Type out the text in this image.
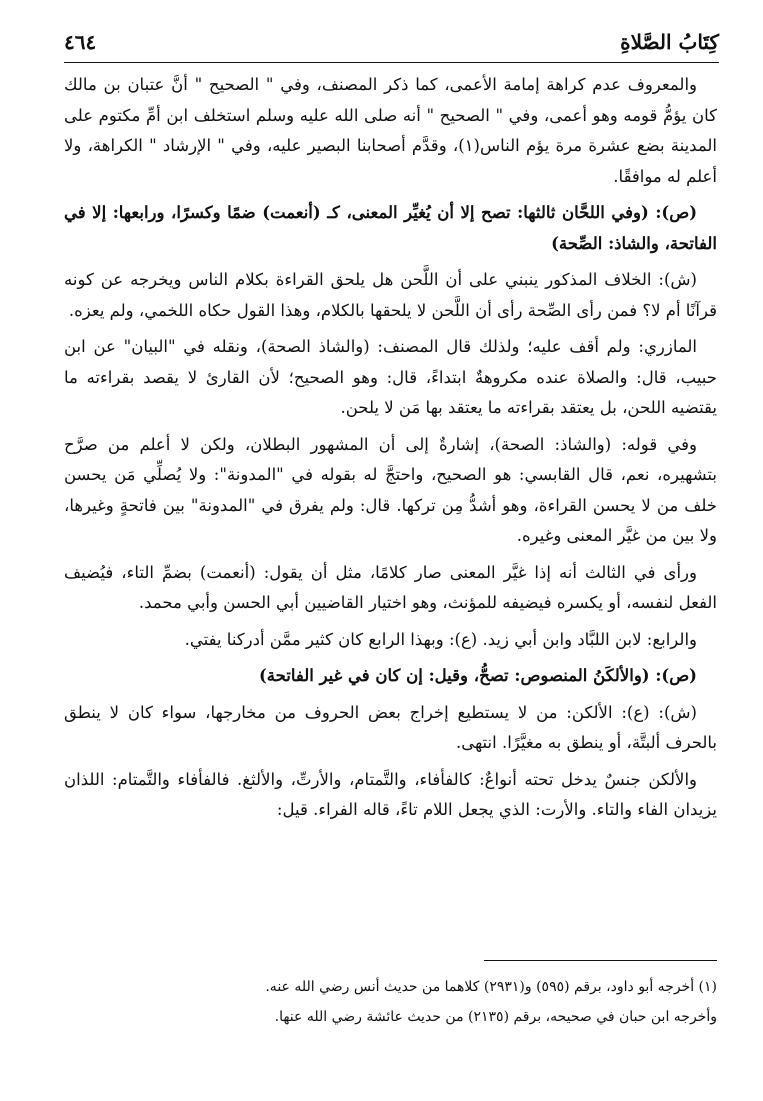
كِتَابُ الصَّلاةِ
٤٦٤

والمعروف عدم كراهة إمامة الأعمى، كما ذكر المصنف، وفي " الصحيح " أنَّ عتبان بن مالك كان يؤمُّ قومه وهو أعمى، وفي " الصحيح " أنه صلى الله عليه وسلم استخلف ابن أمِّ مكتوم على المدينة بضع عشرة مرة يؤم الناس(١)، وقدَّم أصحابنا البصير عليه، وفي " الإرشاد " الكراهة، ولا أعلم له موافقًا.

(ص): (وفي اللحَّان ثالثها: تصح إلا أن يُغيِّر المعنى، كـ (أنعمت) ضمًا وكسرًا، ورابعها: إلا في الفاتحة، والشاذ: الصِّحة)

(ش): الخلاف المذكور ينبني على أن اللَّحن هل يلحق القراءة بكلام الناس ويخرجه عن كونه قرآنًا أم لا؟ فمن رأى الصِّحة رأى أن اللَّحن لا يلحقها بالكلام، وهذا القول حكاه اللخمي، ولم يعزه.

المازري: ولم أقف عليه؛ ولذلك قال المصنف: (والشاذ الصحة)، ونقله في "البيان" عن ابن حبيب، قال: والصلاة عنده مكروهةٌ ابتداءً، قال: وهو الصحيح؛ لأن القارئ لا يقصد بقراءته ما يقتضيه اللحن، بل يعتقد بقراءته ما يعتقد بها مَن لا يلحن.

وفي قوله: (والشاذ: الصحة)، إشارةٌ إلى أن المشهور البطلان، ولكن لا أعلم من صرَّح بتشهيره، نعم، قال القابسي: هو الصحيح، واحتجَّ له بقوله في "المدونة": ولا يُصلِّي مَن يحسن خلف من لا يحسن القراءة، وهو أشدُّ مِن تركها. قال: ولم يفرق في "المدونة" بين فاتحةٍ وغيرها، ولا بين من غيَّر المعنى وغيره.

ورأى في الثالث أنه إذا غيَّر المعنى صار كلامًا، مثل أن يقول: (أنعمت) بضمِّ التاء، فيُضيف الفعل لنفسه، أو يكسره فيضيفه للمؤنث، وهو اختيار القاضيين أبي الحسن وأبي محمد.

والرابع: لابن اللبَّاد وابن أبي زيد. (ع): وبهذا الرابع كان كثير ممَّن أدركنا يفتي.

(ص): (والألكَنُ المنصوص: تصحُّ، وقيل: إن كان في غير الفاتحة)

(ش): (ع): الألكن: من لا يستطيع إخراج بعض الحروف من مخارجها، سواء كان لا ينطق بالحرف ألبتَّة، أو ينطق به مغيَّرًا. انتهى.

والألكن جنسٌ يدخل تحته أنواعٌ: كالفأفاء، والتَّمتام، والأرتِّ، والألثغ. فالفأفاء والتَّمتام: اللذان يزيدان الفاء والتاء. والأرت: الذي يجعل اللام تاءً، قاله الفراء. قيل:

(١) أخرجه أبو داود، برقم (٥٩٥) و(٢٩٣١) كلاهما من حديث أنس رضي الله عنه.

وأخرجه ابن حبان في صحيحه، برقم (٢١٣٥) من حديث عائشة رضي الله عنها.
